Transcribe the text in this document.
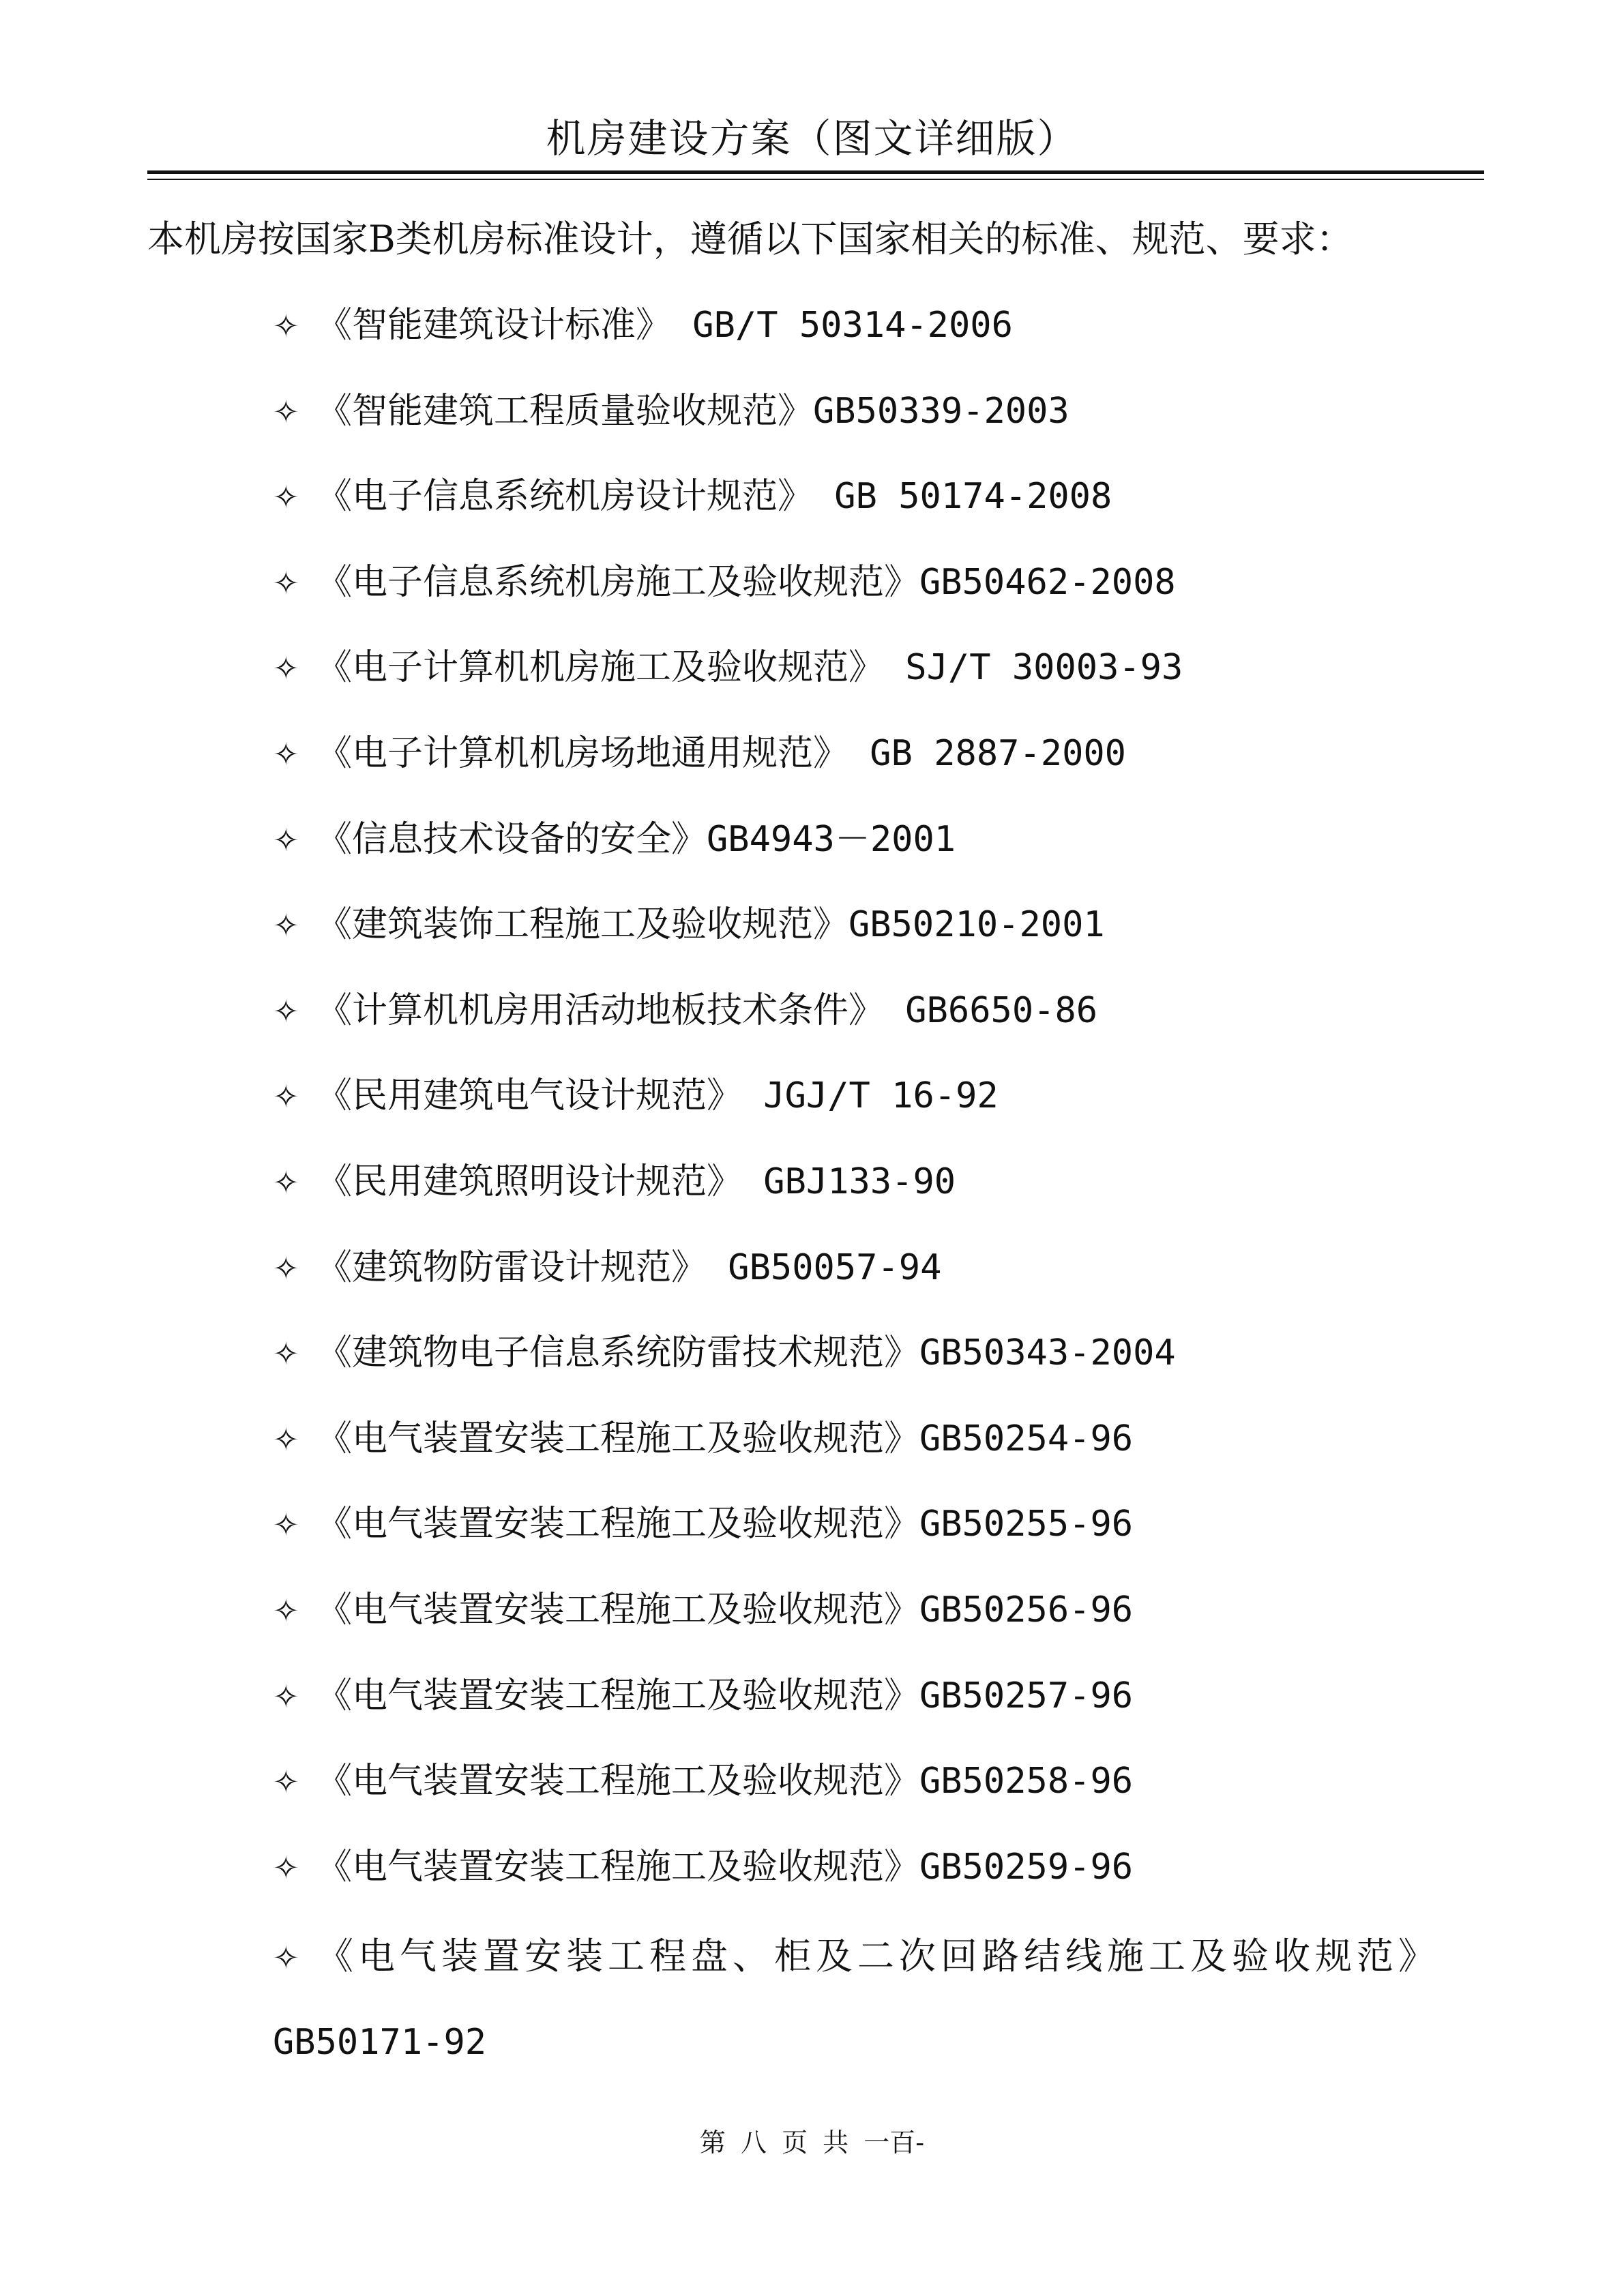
机房建设方案（图文详细版）
本机房按国家B类机房标准设计，遵循以下国家相关的标准、规范、要求：
✧ 《智能建筑设计标准》 GB/T 50314-2006
✧ 《智能建筑工程质量验收规范》GB50339-2003
✧ 《电子信息系统机房设计规范》 GB 50174-2008
✧ 《电子信息系统机房施工及验收规范》GB50462-2008
✧ 《电子计算机机房施工及验收规范》 SJ/T 30003-93
✧ 《电子计算机机房场地通用规范》 GB 2887-2000
✧ 《信息技术设备的安全》GB4943－2001
✧ 《建筑装饰工程施工及验收规范》GB50210-2001
✧ 《计算机机房用活动地板技术条件》 GB6650-86
✧ 《民用建筑电气设计规范》 JGJ/T 16-92
✧ 《民用建筑照明设计规范》 GBJ133-90
✧ 《建筑物防雷设计规范》 GB50057-94
✧ 《建筑物电子信息系统防雷技术规范》GB50343-2004
✧ 《电气装置安装工程施工及验收规范》GB50254-96
✧ 《电气装置安装工程施工及验收规范》GB50255-96
✧ 《电气装置安装工程施工及验收规范》GB50256-96
✧ 《电气装置安装工程施工及验收规范》GB50257-96
✧ 《电气装置安装工程施工及验收规范》GB50258-96
✧ 《电气装置安装工程施工及验收规范》GB50259-96
✧ 《电气装置安装工程盘、柜及二次回路结线施工及验收规范》
GB50171-92
第 八 页 共 一百-
